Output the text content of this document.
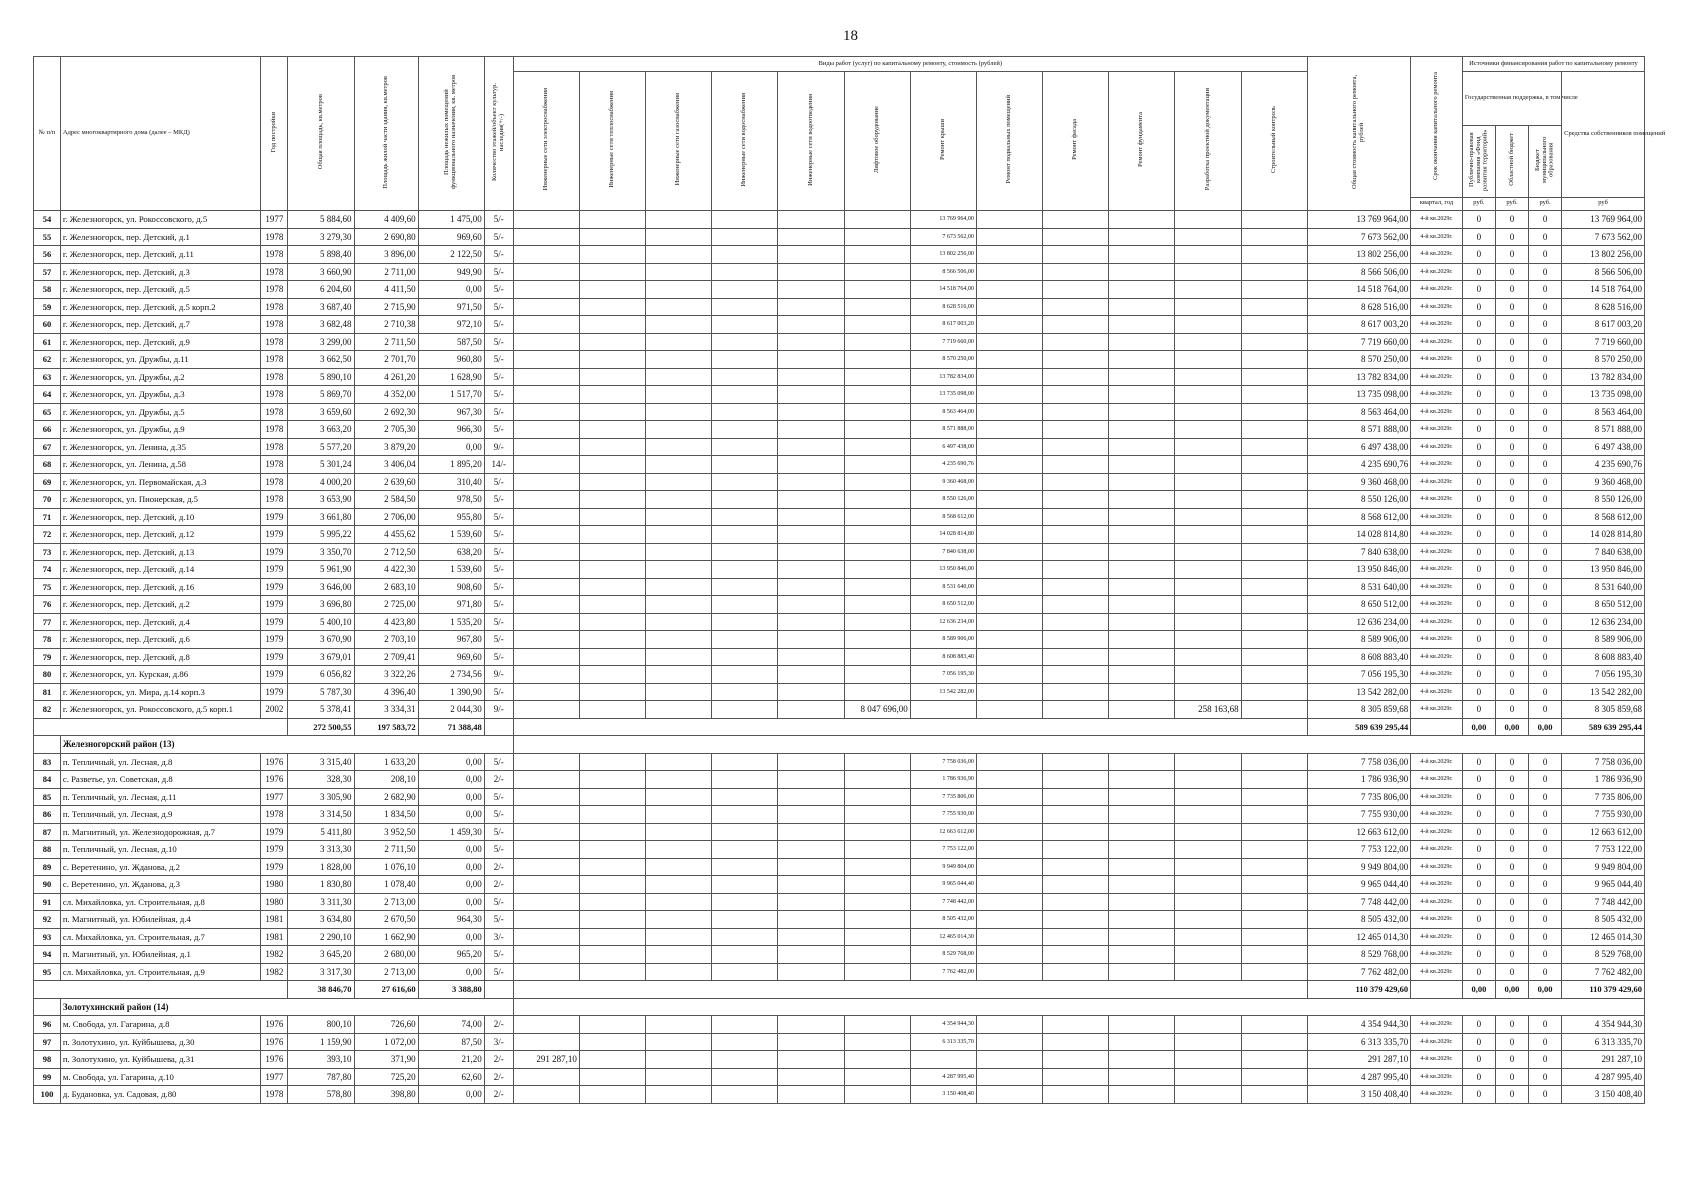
18
№ п/п	Адрес многоквартирного дома (далее – МКД)	Год постройки	Общая площадь, кв.метров	Площадь жилой части здания, кв.метров	Площадь нежилых помещений функционального назначения, кв. метров	Количество этажей/объект культур. наследия(+/-)	Виды работ (услуг) по капитальному ремонту, стоимость (рублей)												Общая стоимость капитального ремонта, рублей	Срок окончания капитального ремонта	Источники финансирования работ по капитальному ремонту			
							Инженерные сети электроснабжения	Инженерные сети теплоснабжения	Инженерные сети газоснабжения	Инженерные сети водоснабжения	Инженерные сети водоотведения	Лифтовое оборудование	Ремонт крыши	Ремонт подвальных помещений	Ремонт фасада	Ремонт фундамента	Разработка проектной документации	Строительный контроль			Государственная поддержка, в том числе			Средства собственников помещений
																					Публично-правовая компания «Фонд развития территорий»	Областной бюджет	Бюджет муниципального образования	
																				квартал, год	руб.	руб.	руб.	руб
54	г. Железногорск, ул. Рокоссовского, д.5	1977	5 884,60	4 409,60	1 475,00	5/-							13 769 964,00						13 769 964,00	4-й кв.2029г.	0	0	0	13 769 964,00
55	г. Железногорск, пер. Детский, д.1	1978	3 279,30	2 690,80	969,60	5/-							7 673 562,00						7 673 562,00	4-й кв.2029г.	0	0	0	7 673 562,00
56	г. Железногорск, пер. Детский, д.11	1978	5 898,40	3 896,00	2 122,50	5/-							13 802 256,00						13 802 256,00	4-й кв.2029г.	0	0	0	13 802 256,00
57	г. Железногорск, пер. Детский, д.3	1978	3 660,90	2 711,00	949,90	5/-							8 566 506,00						8 566 506,00	4-й кв.2029г.	0	0	0	8 566 506,00
58	г. Железногорск, пер. Детский, д.5	1978	6 204,60	4 411,50	0,00	5/-							14 518 764,00						14 518 764,00	4-й кв.2029г.	0	0	0	14 518 764,00
59	г. Железногорск, пер. Детский, д.5 корп.2	1978	3 687,40	2 715,90	971,50	5/-							8 628 516,00						8 628 516,00	4-й кв.2029г.	0	0	0	8 628 516,00
60	г. Железногорск, пер. Детский, д.7	1978	3 682,48	2 710,38	972,10	5/-							8 617 003,20						8 617 003,20	4-й кв.2029г.	0	0	0	8 617 003,20
61	г. Железногорск, пер. Детский, д.9	1978	3 299,00	2 711,50	587,50	5/-							7 719 660,00						7 719 660,00	4-й кв.2029г.	0	0	0	7 719 660,00
62	г. Железногорск, ул. Дружбы, д.11	1978	3 662,50	2 701,70	960,80	5/-							8 570 250,00						8 570 250,00	4-й кв.2029г.	0	0	0	8 570 250,00
63	г. Железногорск, ул. Дружбы, д.2	1978	5 890,10	4 261,20	1 628,90	5/-							13 782 834,00						13 782 834,00	4-й кв.2029г.	0	0	0	13 782 834,00
64	г. Железногорск, ул. Дружбы, д.3	1978	5 869,70	4 352,00	1 517,70	5/-							13 735 098,00						13 735 098,00	4-й кв.2029г.	0	0	0	13 735 098,00
65	г. Железногорск, ул. Дружбы, д.5	1978	3 659,60	2 692,30	967,30	5/-							8 563 464,00						8 563 464,00	4-й кв.2029г.	0	0	0	8 563 464,00
66	г. Железногорск, ул. Дружбы, д.9	1978	3 663,20	2 705,30	966,30	5/-							8 571 888,00						8 571 888,00	4-й кв.2029г.	0	0	0	8 571 888,00
67	г. Железногорск, ул. Ленина, д.35	1978	5 577,20	3 879,20	0,00	9/-							6 497 438,00						6 497 438,00	4-й кв.2029г.	0	0	0	6 497 438,00
68	г. Железногорск, ул. Ленина, д.58	1978	5 301,24	3 406,04	1 895,20	14/-							4 235 690,76						4 235 690,76	4-й кв.2029г.	0	0	0	4 235 690,76
69	г. Железногорск, ул. Первомайская, д.3	1978	4 000,20	2 639,60	310,40	5/-							9 360 468,00						9 360 468,00	4-й кв.2029г.	0	0	0	9 360 468,00
70	г. Железногорск, ул. Пионерская, д.5	1978	3 653,90	2 584,50	978,50	5/-							8 550 126,00						8 550 126,00	4-й кв.2029г.	0	0	0	8 550 126,00
71	г. Железногорск, пер. Детский, д.10	1979	3 661,80	2 706,00	955,80	5/-							8 568 612,00						8 568 612,00	4-й кв.2029г.	0	0	0	8 568 612,00
72	г. Железногорск, пер. Детский, д.12	1979	5 995,22	4 455,62	1 539,60	5/-							14 028 814,80						14 028 814,80	4-й кв.2029г.	0	0	0	14 028 814,80
73	г. Железногорск, пер. Детский, д.13	1979	3 350,70	2 712,50	638,20	5/-							7 840 638,00						7 840 638,00	4-й кв.2029г.	0	0	0	7 840 638,00
74	г. Железногорск, пер. Детский, д.14	1979	5 961,90	4 422,30	1 539,60	5/-							13 950 846,00						13 950 846,00	4-й кв.2029г.	0	0	0	13 950 846,00
75	г. Железногорск, пер. Детский, д.16	1979	3 646,00	2 683,10	908,60	5/-							8 531 640,00						8 531 640,00	4-й кв.2029г.	0	0	0	8 531 640,00
76	г. Железногорск, пер. Детский, д.2	1979	3 696,80	2 725,00	971,80	5/-							8 650 512,00						8 650 512,00	4-й кв.2029г.	0	0	0	8 650 512,00
77	г. Железногорск, пер. Детский, д.4	1979	5 400,10	4 423,80	1 535,20	5/-							12 636 234,00						12 636 234,00	4-й кв.2029г.	0	0	0	12 636 234,00
78	г. Железногорск, пер. Детский, д.6	1979	3 670,90	2 703,10	967,80	5/-							8 589 906,00						8 589 906,00	4-й кв.2029г.	0	0	0	8 589 906,00
79	г. Железногорск, пер. Детский, д.8	1979	3 679,01	2 709,41	969,60	5/-							8 608 883,40						8 608 883,40	4-й кв.2029г.	0	0	0	8 608 883,40
80	г. Железногорск, ул. Курская, д.86	1979	6 056,82	3 322,26	2 734,56	9/-							7 056 195,30						7 056 195,30	4-й кв.2029г.	0	0	0	7 056 195,30
81	г. Железногорск, ул. Мира, д.14 корп.3	1979	5 787,30	4 396,40	1 390,90	5/-							13 542 282,00						13 542 282,00	4-й кв.2029г.	0	0	0	13 542 282,00
82	г. Железногорск, ул. Рокоссовского, д.5 корп.1	2002	5 378,41	3 334,31	2 044,30	9/-						8 047 696,00					258 163,68		8 305 859,68	4-й кв.2029г.	0	0	0	8 305 859,68
			272 500,55	197 583,72	71 388,48														589 639 295,44		0,00	0,00	0,00	589 639 295,44
	Железногорский район (13)																							
83	п. Тепличный, ул. Лесная, д.8	1976	3 315,40	1 633,20	0,00	5/-							7 758 036,00						7 758 036,00	4-й кв.2029г.	0	0	0	7 758 036,00
84	с. Разветье, ул. Советская, д.8	1976	328,30	208,10	0,00	2/-							1 786 936,90						1 786 936,90	4-й кв.2029г.	0	0	0	1 786 936,90
85	п. Тепличный, ул. Лесная, д.11	1977	3 305,90	2 682,90	0,00	5/-							7 735 806,00						7 735 806,00	4-й кв.2029г.	0	0	0	7 735 806,00
86	п. Тепличный, ул. Лесная, д.9	1978	3 314,50	1 834,50	0,00	5/-							7 755 930,00						7 755 930,00	4-й кв.2029г.	0	0	0	7 755 930,00
87	п. Магнитный, ул. Железнодорожная, д.7	1979	5 411,80	3 952,50	1 459,30	5/-							12 663 612,00						12 663 612,00	4-й кв.2029г.	0	0	0	12 663 612,00
88	п. Тепличный, ул. Лесная, д.10	1979	3 313,30	2 711,50	0,00	5/-							7 753 122,00						7 753 122,00	4-й кв.2029г.	0	0	0	7 753 122,00
89	с. Веретенино, ул. Жданова, д.2	1979	1 828,00	1 076,10	0,00	2/-							9 949 804,00						9 949 804,00	4-й кв.2029г.	0	0	0	9 949 804,00
90	с. Веретенино, ул. Жданова, д.3	1980	1 830,80	1 078,40	0,00	2/-							9 965 044,40						9 965 044,40	4-й кв.2029г.	0	0	0	9 965 044,40
91	сл. Михайловка, ул. Строительная, д.8	1980	3 311,30	2 713,00	0,00	5/-							7 748 442,00						7 748 442,00	4-й кв.2029г.	0	0	0	7 748 442,00
92	п. Магнитный, ул. Юбилейная, д.4	1981	3 634,80	2 670,50	964,30	5/-							8 505 432,00						8 505 432,00	4-й кв.2029г.	0	0	0	8 505 432,00
93	сл. Михайловка, ул. Строительная, д.7	1981	2 290,10	1 662,90	0,00	3/-							12 465 014,30						12 465 014,30	4-й кв.2029г.	0	0	0	12 465 014,30
94	п. Магнитный, ул. Юбилейная, д.1	1982	3 645,20	2 680,00	965,20	5/-							8 529 768,00						8 529 768,00	4-й кв.2029г.	0	0	0	8 529 768,00
95	сл. Михайловка, ул. Строительная, д.9	1982	3 317,30	2 713,00	0,00	5/-							7 762 482,00						7 762 482,00	4-й кв.2029г.	0	0	0	7 762 482,00
			38 846,70	27 616,60	3 388,80														110 379 429,60		0,00	0,00	0,00	110 379 429,60
	Золотухинский район (14)																							
96	м. Свобода, ул. Гагарина, д.8	1976	800,10	726,60	74,00	2/-							4 354 944,30						4 354 944,30	4-й кв.2029г.	0	0	0	4 354 944,30
97	п. Золотухино, ул. Куйбышева, д.30	1976	1 159,90	1 072,00	87,50	3/-							6 313 335,70						6 313 335,70	4-й кв.2029г.	0	0	0	6 313 335,70
98	п. Золотухино, ул. Куйбышева, д.31	1976	393,10	371,90	21,20	2/-	291 287,10												291 287,10	4-й кв.2029г.	0	0	0	291 287,10
99	м. Свобода, ул. Гагарина, д.10	1977	787,80	725,20	62,60	2/-							4 287 995,40						4 287 995,40	4-й кв.2029г.	0	0	0	4 287 995,40
100	д. Будановка, ул. Садовая, д.80	1978	578,80	398,80	0,00	2/-							3 150 408,40						3 150 408,40	4-й кв.2029г.	0	0	0	3 150 408,40
